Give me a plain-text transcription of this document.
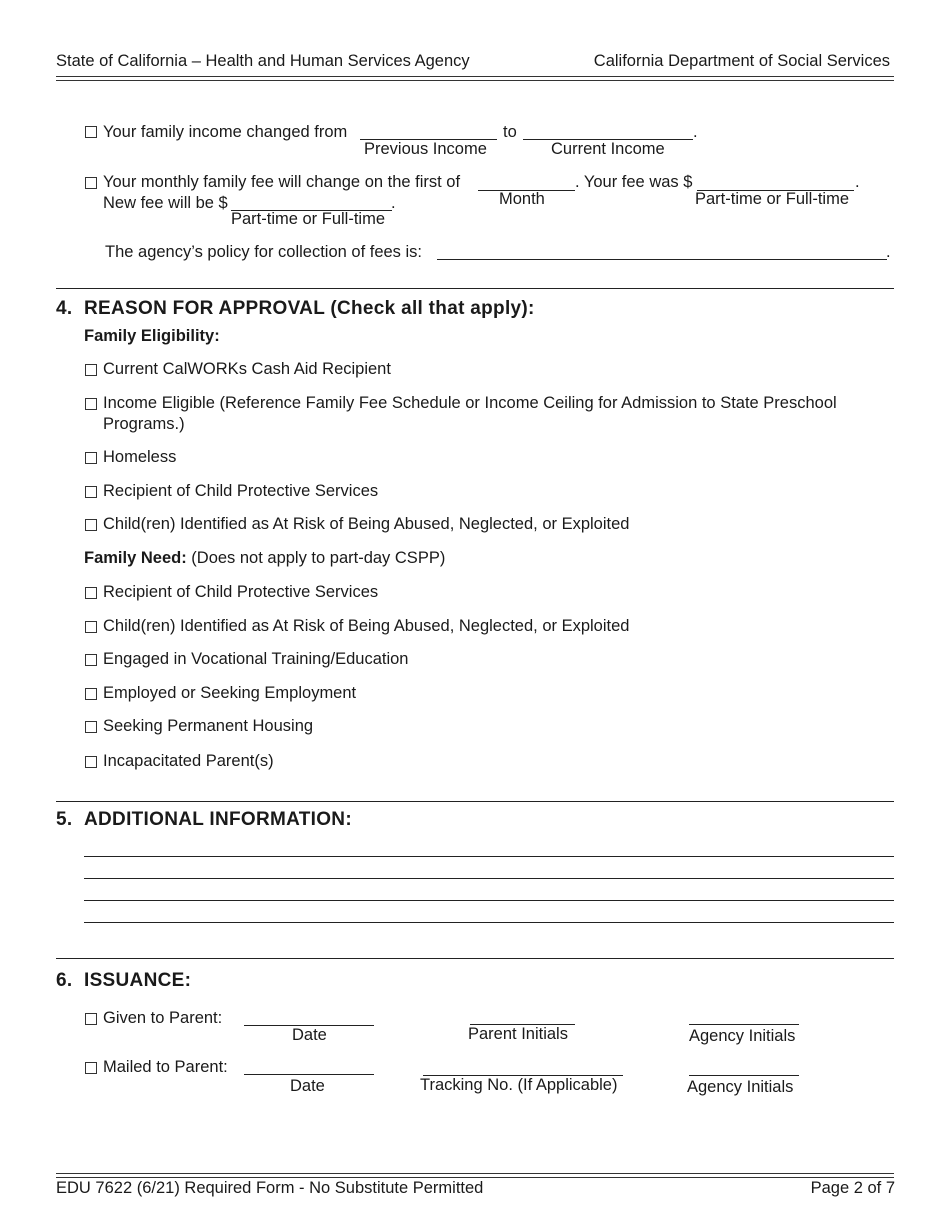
State of California – Health and Human Services Agency	California Department of Social Services
Your family income changed from	to	.
Previous Income	Current Income
Your monthly family fee will change on the first of	. Your fee was $	.
Month	Part-time or Full-time
New fee will be $	.
Part-time or Full-time
The agency’s policy for collection of fees is:	.
4. REASON FOR APPROVAL (Check all that apply):
Family Eligibility:
Current CalWORKs Cash Aid Recipient
Income Eligible (Reference Family Fee Schedule or Income Ceiling for Admission to State Preschool
Programs.)
Homeless
Recipient of Child Protective Services
Child(ren) Identified as At Risk of Being Abused, Neglected, or Exploited
Family Need: (Does not apply to part-day CSPP)
Recipient of Child Protective Services
Child(ren) Identified as At Risk of Being Abused, Neglected, or Exploited
Engaged in Vocational Training/Education
Employed or Seeking Employment
Seeking Permanent Housing
Incapacitated Parent(s)
5. ADDITIONAL INFORMATION:
6. ISSUANCE:
Given to Parent:
Date	Parent Initials	Agency Initials
Mailed to Parent:
Date	Tracking No. (If Applicable)	Agency Initials
EDU 7622 (6/21) Required Form - No Substitute Permitted	Page 2 of 7
